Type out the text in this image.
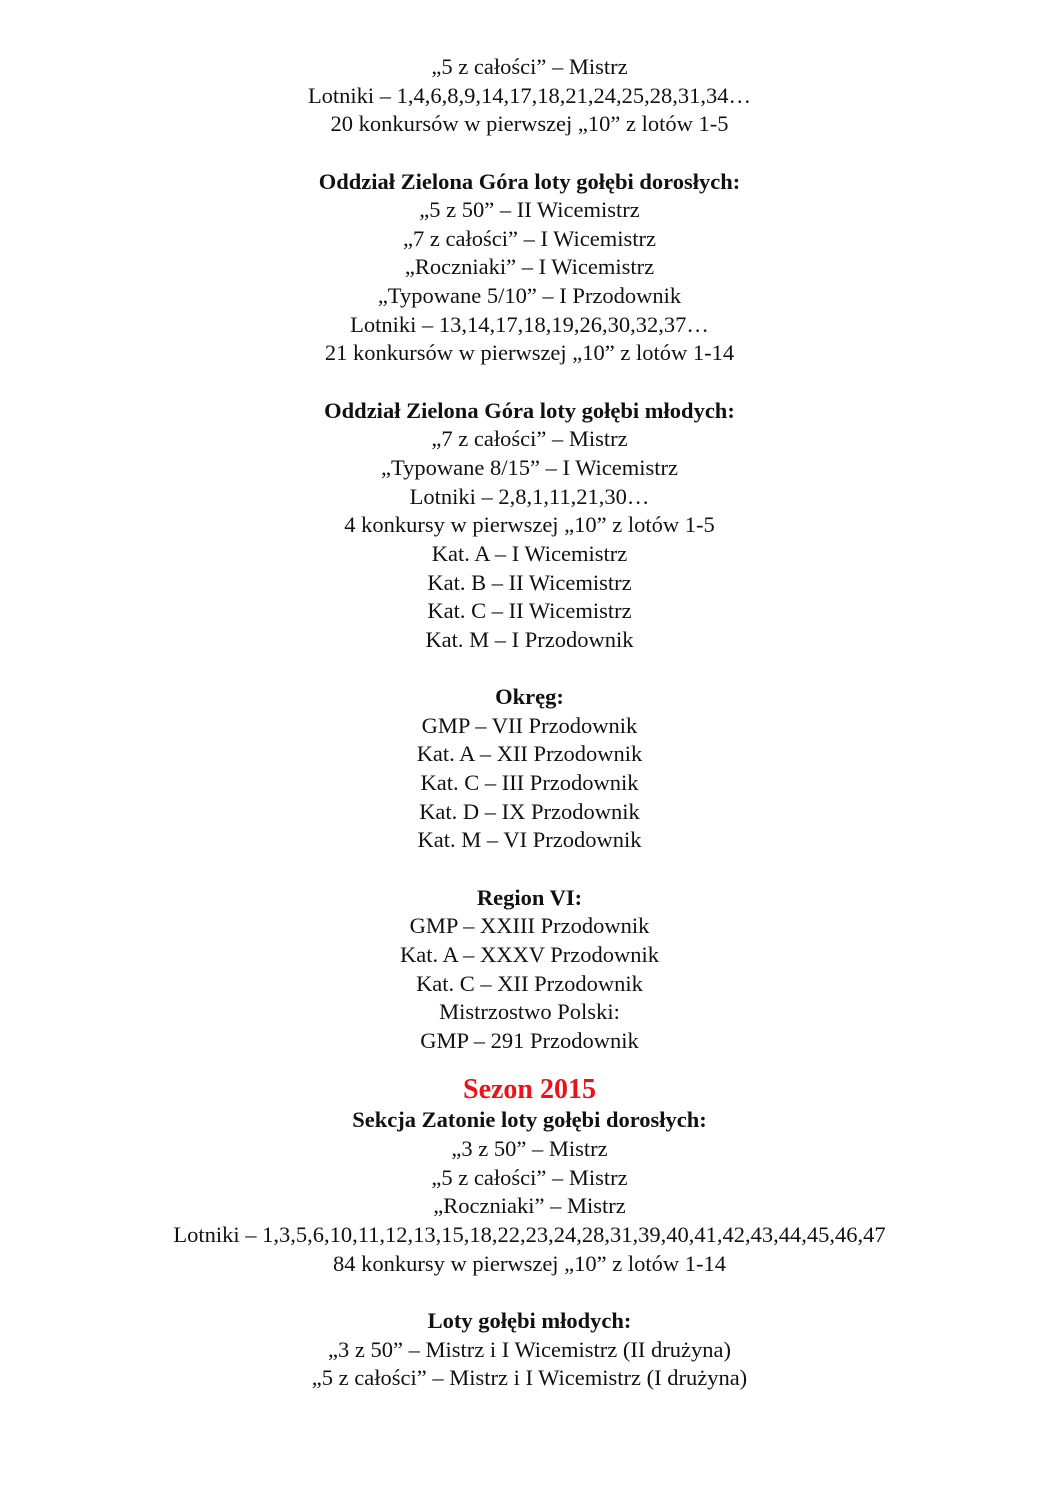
„5 z całości” – Mistrz
Lotniki – 1,4,6,8,9,14,17,18,21,24,25,28,31,34…
20 konkursów w pierwszej „10” z lotów 1-5
Oddział Zielona Góra loty gołębi dorosłych:
„5 z 50” – II Wicemistrz
„7 z całości” – I Wicemistrz
„Roczniaki” – I Wicemistrz
„Typowane 5/10” – I Przodownik
Lotniki – 13,14,17,18,19,26,30,32,37…
21 konkursów w pierwszej „10” z lotów 1-14
Oddział Zielona Góra loty gołębi młodych:
„7 z całości” – Mistrz
„Typowane 8/15” – I Wicemistrz
Lotniki – 2,8,1,11,21,30…
4 konkursy w pierwszej „10” z lotów 1-5
Kat. A – I Wicemistrz
Kat. B – II Wicemistrz
Kat. C – II Wicemistrz
Kat. M – I Przodownik
Okręg:
GMP – VII Przodownik
Kat. A – XII Przodownik
Kat. C – III Przodownik
Kat. D – IX Przodownik
Kat. M – VI Przodownik
Region VI:
GMP – XXIII Przodownik
Kat. A – XXXV Przodownik
Kat. C – XII Przodownik
Mistrzostwo Polski:
GMP – 291 Przodownik
Sezon 2015
Sekcja Zatonie loty gołębi dorosłych:
„3 z 50” – Mistrz
„5 z całości” – Mistrz
„Roczniaki” – Mistrz
Lotniki – 1,3,5,6,10,11,12,13,15,18,22,23,24,28,31,39,40,41,42,43,44,45,46,47
84 konkursy w pierwszej „10” z lotów 1-14
Loty gołębi młodych:
„3 z 50” – Mistrz i I Wicemistrz (II drużyna)
„5 z całości” – Mistrz i I Wicemistrz (I drużyna)
